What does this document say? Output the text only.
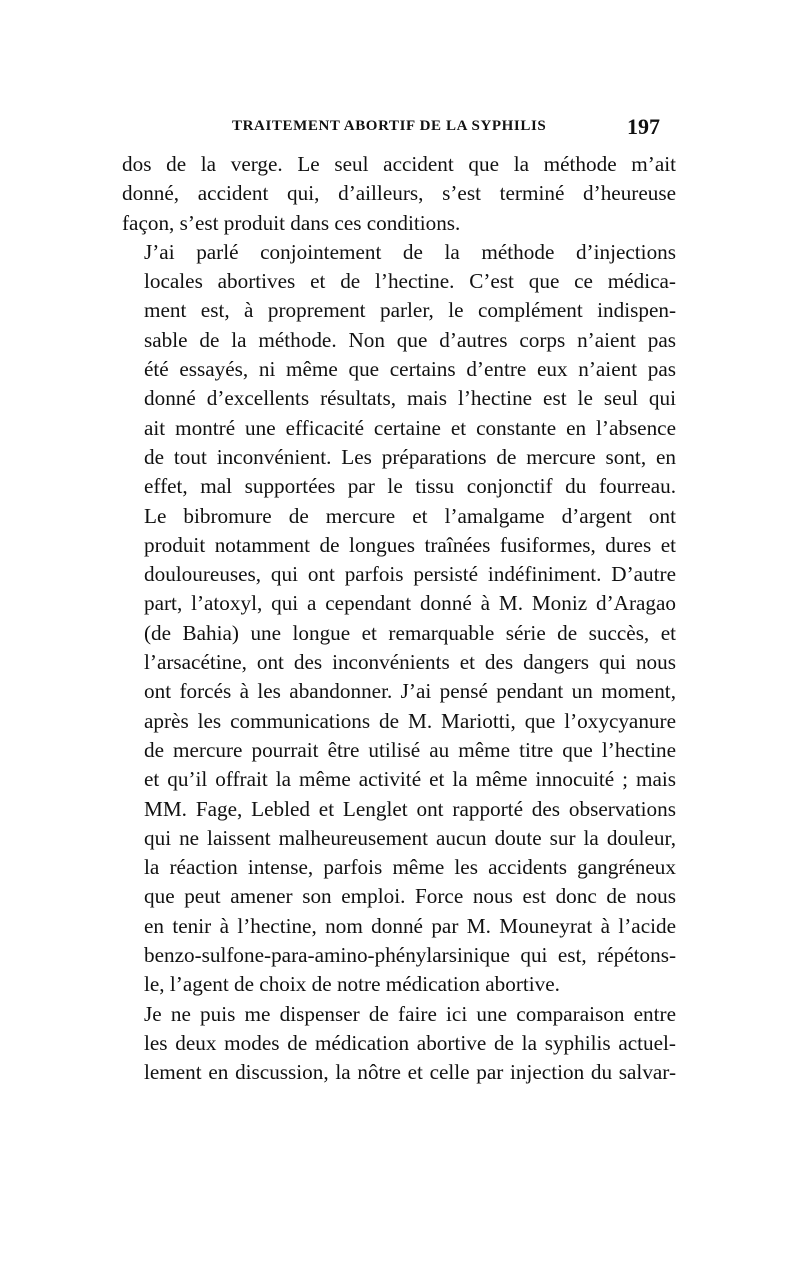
TRAITEMENT ABORTIF DE LA SYPHILIS	197

dos de la verge. Le seul accident que la méthode m’ait
donné, accident qui, d’ailleurs, s’est terminé d’heureuse
façon, s’est produit dans ces conditions.

J’ai parlé conjointement de la méthode d’injections
locales abortives et de l’hectine. C’est que ce médica-
ment est, à proprement parler, le complément indispen-
sable de la méthode. Non que d’autres corps n’aient pas
été essayés, ni même que certains d’entre eux n’aient pas
donné d’excellents résultats, mais l’hectine est le seul qui
ait montré une efficacité certaine et constante en l’absence
de tout inconvénient. Les préparations de mercure sont, en
effet, mal supportées par le tissu conjonctif du fourreau.
Le bibromure de mercure et l’amalgame d’argent ont
produit notamment de longues traînées fusiformes, dures et
douloureuses, qui ont parfois persisté indéfiniment. D’autre
part, l’atoxyl, qui a cependant donné à M. Moniz d’Aragao
(de Bahia) une longue et remarquable série de succès, et
l’arsacétine, ont des inconvénients et des dangers qui nous
ont forcés à les abandonner. J’ai pensé pendant un moment,
après les communications de M. Mariotti, que l’oxycyanure
de mercure pourrait être utilisé au même titre que l’hectine
et qu’il offrait la même activité et la même innocuité ; mais
MM. Fage, Lebled et Lenglet ont rapporté des observations
qui ne laissent malheureusement aucun doute sur la douleur,
la réaction intense, parfois même les accidents gangréneux
que peut amener son emploi. Force nous est donc de nous
en tenir à l’hectine, nom donné par M. Mouneyrat à l’acide
benzo-sulfone-para-amino-phénylarsinique qui est, répétons-
le, l’agent de choix de notre médication abortive.

Je ne puis me dispenser de faire ici une comparaison entre
les deux modes de médication abortive de la syphilis actuel-
lement en discussion, la nôtre et celle par injection du salvar-
